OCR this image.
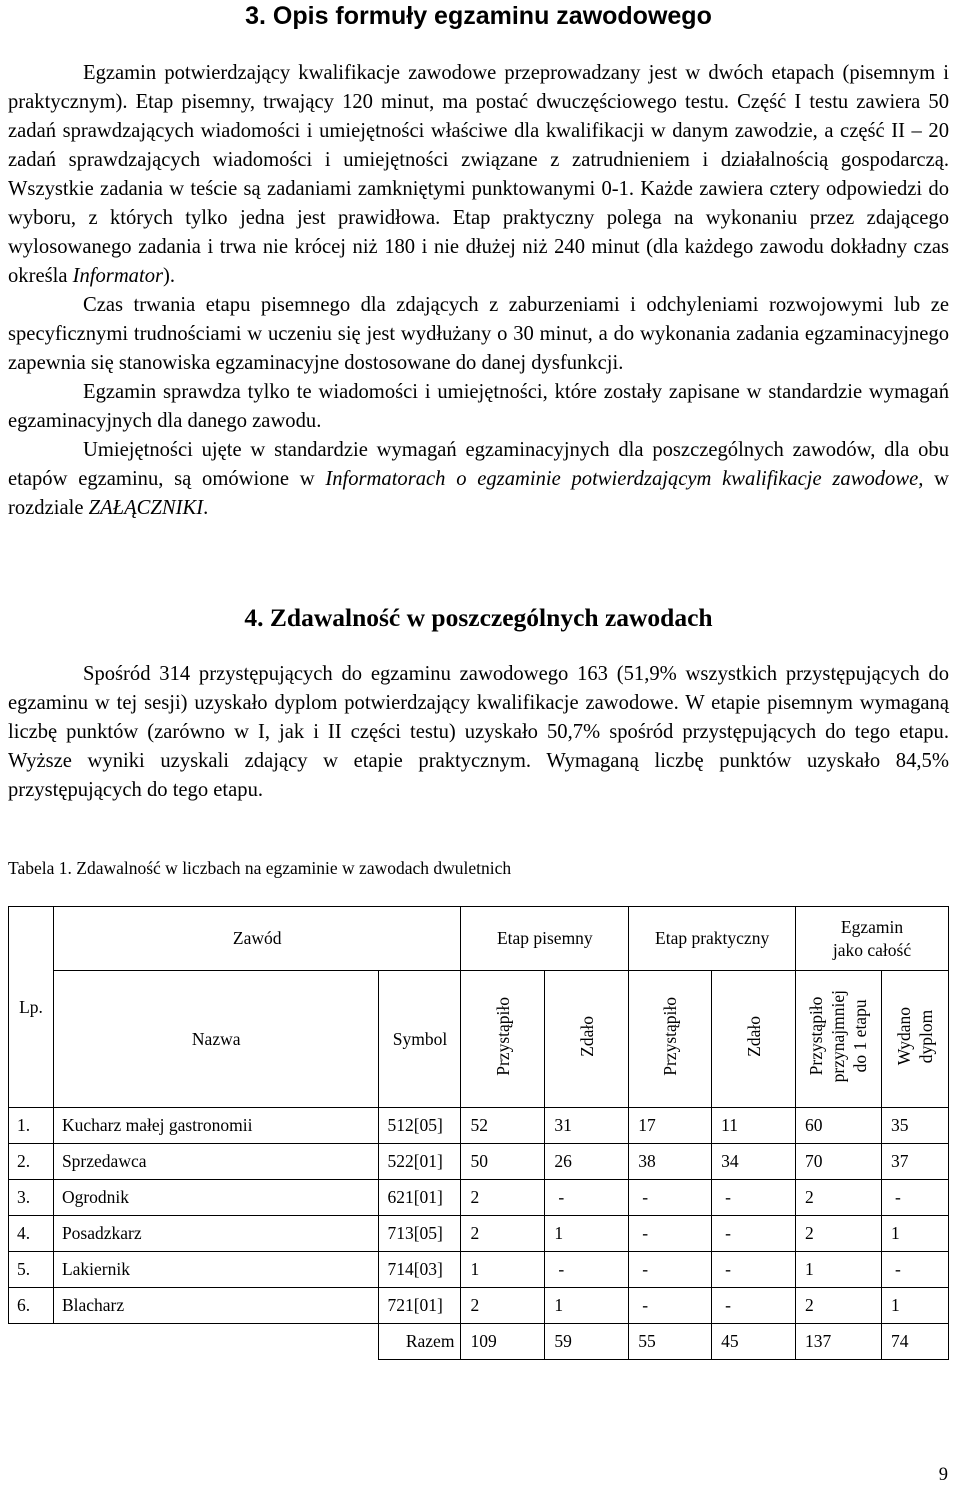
3. Opis formuły egzaminu zawodowego

Egzamin potwierdzający kwalifikacje zawodowe przeprowadzany jest w dwóch etapach (pisemnym i praktycznym). Etap pisemny, trwający 120 minut, ma postać dwuczęściowego testu. Część I testu zawiera 50 zadań sprawdzających wiadomości i umiejętności właściwe dla kwalifikacji w danym zawodzie, a część II – 20 zadań sprawdzających wiadomości i umiejętności związane z zatrudnieniem i działalnością gospodarczą. Wszystkie zadania w teście są zadaniami zamkniętymi punktowanymi 0-1. Każde zawiera cztery odpowiedzi do wyboru, z których tylko jedna jest prawidłowa. Etap praktyczny polega na wykonaniu przez zdającego wylosowanego zadania i trwa nie krócej niż 180 i nie dłużej niż 240 minut (dla każdego zawodu dokładny czas określa Informator).

Czas trwania etapu pisemnego dla zdających z zaburzeniami i odchyleniami rozwojowymi lub ze specyficznymi trudnościami w uczeniu się jest wydłużany o 30 minut, a do wykonania zadania egzaminacyjnego zapewnia się stanowiska egzaminacyjne dostosowane do danej dysfunkcji.

Egzamin sprawdza tylko te wiadomości i umiejętności, które zostały zapisane w standardzie wymagań egzaminacyjnych dla danego zawodu.

Umiejętności ujęte w standardzie wymagań egzaminacyjnych dla poszczególnych zawodów, dla obu etapów egzaminu, są omówione w Informatorach o egzaminie potwierdzającym kwalifikacje zawodowe, w rozdziale ZAŁĄCZNIKI.

4. Zdawalność w poszczególnych zawodach

Spośród 314 przystępujących do egzaminu zawodowego 163 (51,9% wszystkich przystępujących do egzaminu w tej sesji) uzyskało dyplom potwierdzający kwalifikacje zawodowe. W etapie pisemnym wymaganą liczbę punktów (zarówno w I, jak i II części testu) uzyskało 50,7% spośród przystępujących do tego etapu. Wyższe wyniki uzyskali zdający w etapie praktycznym. Wymaganą liczbę punktów uzyskało 84,5% przystępujących do tego etapu.

Tabela 1. Zdawalność w liczbach na egzaminie w zawodach dwuletnich
Lp.	Zawód		Etap pisemny		Etap praktyczny		Egzamin
jako całość	
	Nazwa	Symbol	Przystąpiło	Zdało	Przystąpiło	Zdało	Przystąpiło
przynajmniej
do 1 etapu	Wydano
dyplom
1.	Kucharz małej gastronomii	512[05]	52	31	17	11	60	35
2.	Sprzedawca	522[01]	50	26	38	34	70	37
3.	Ogrodnik	621[01]	2	-	-	-	2	-
4.	Posadzkarz	713[05]	2	1	-	-	2	1
5.	Lakiernik	714[03]	1	-	-	-	1	-
6.	Blacharz	721[01]	2	1	-	-	2	1
		Razem	109	59	55	45	137	74
9
